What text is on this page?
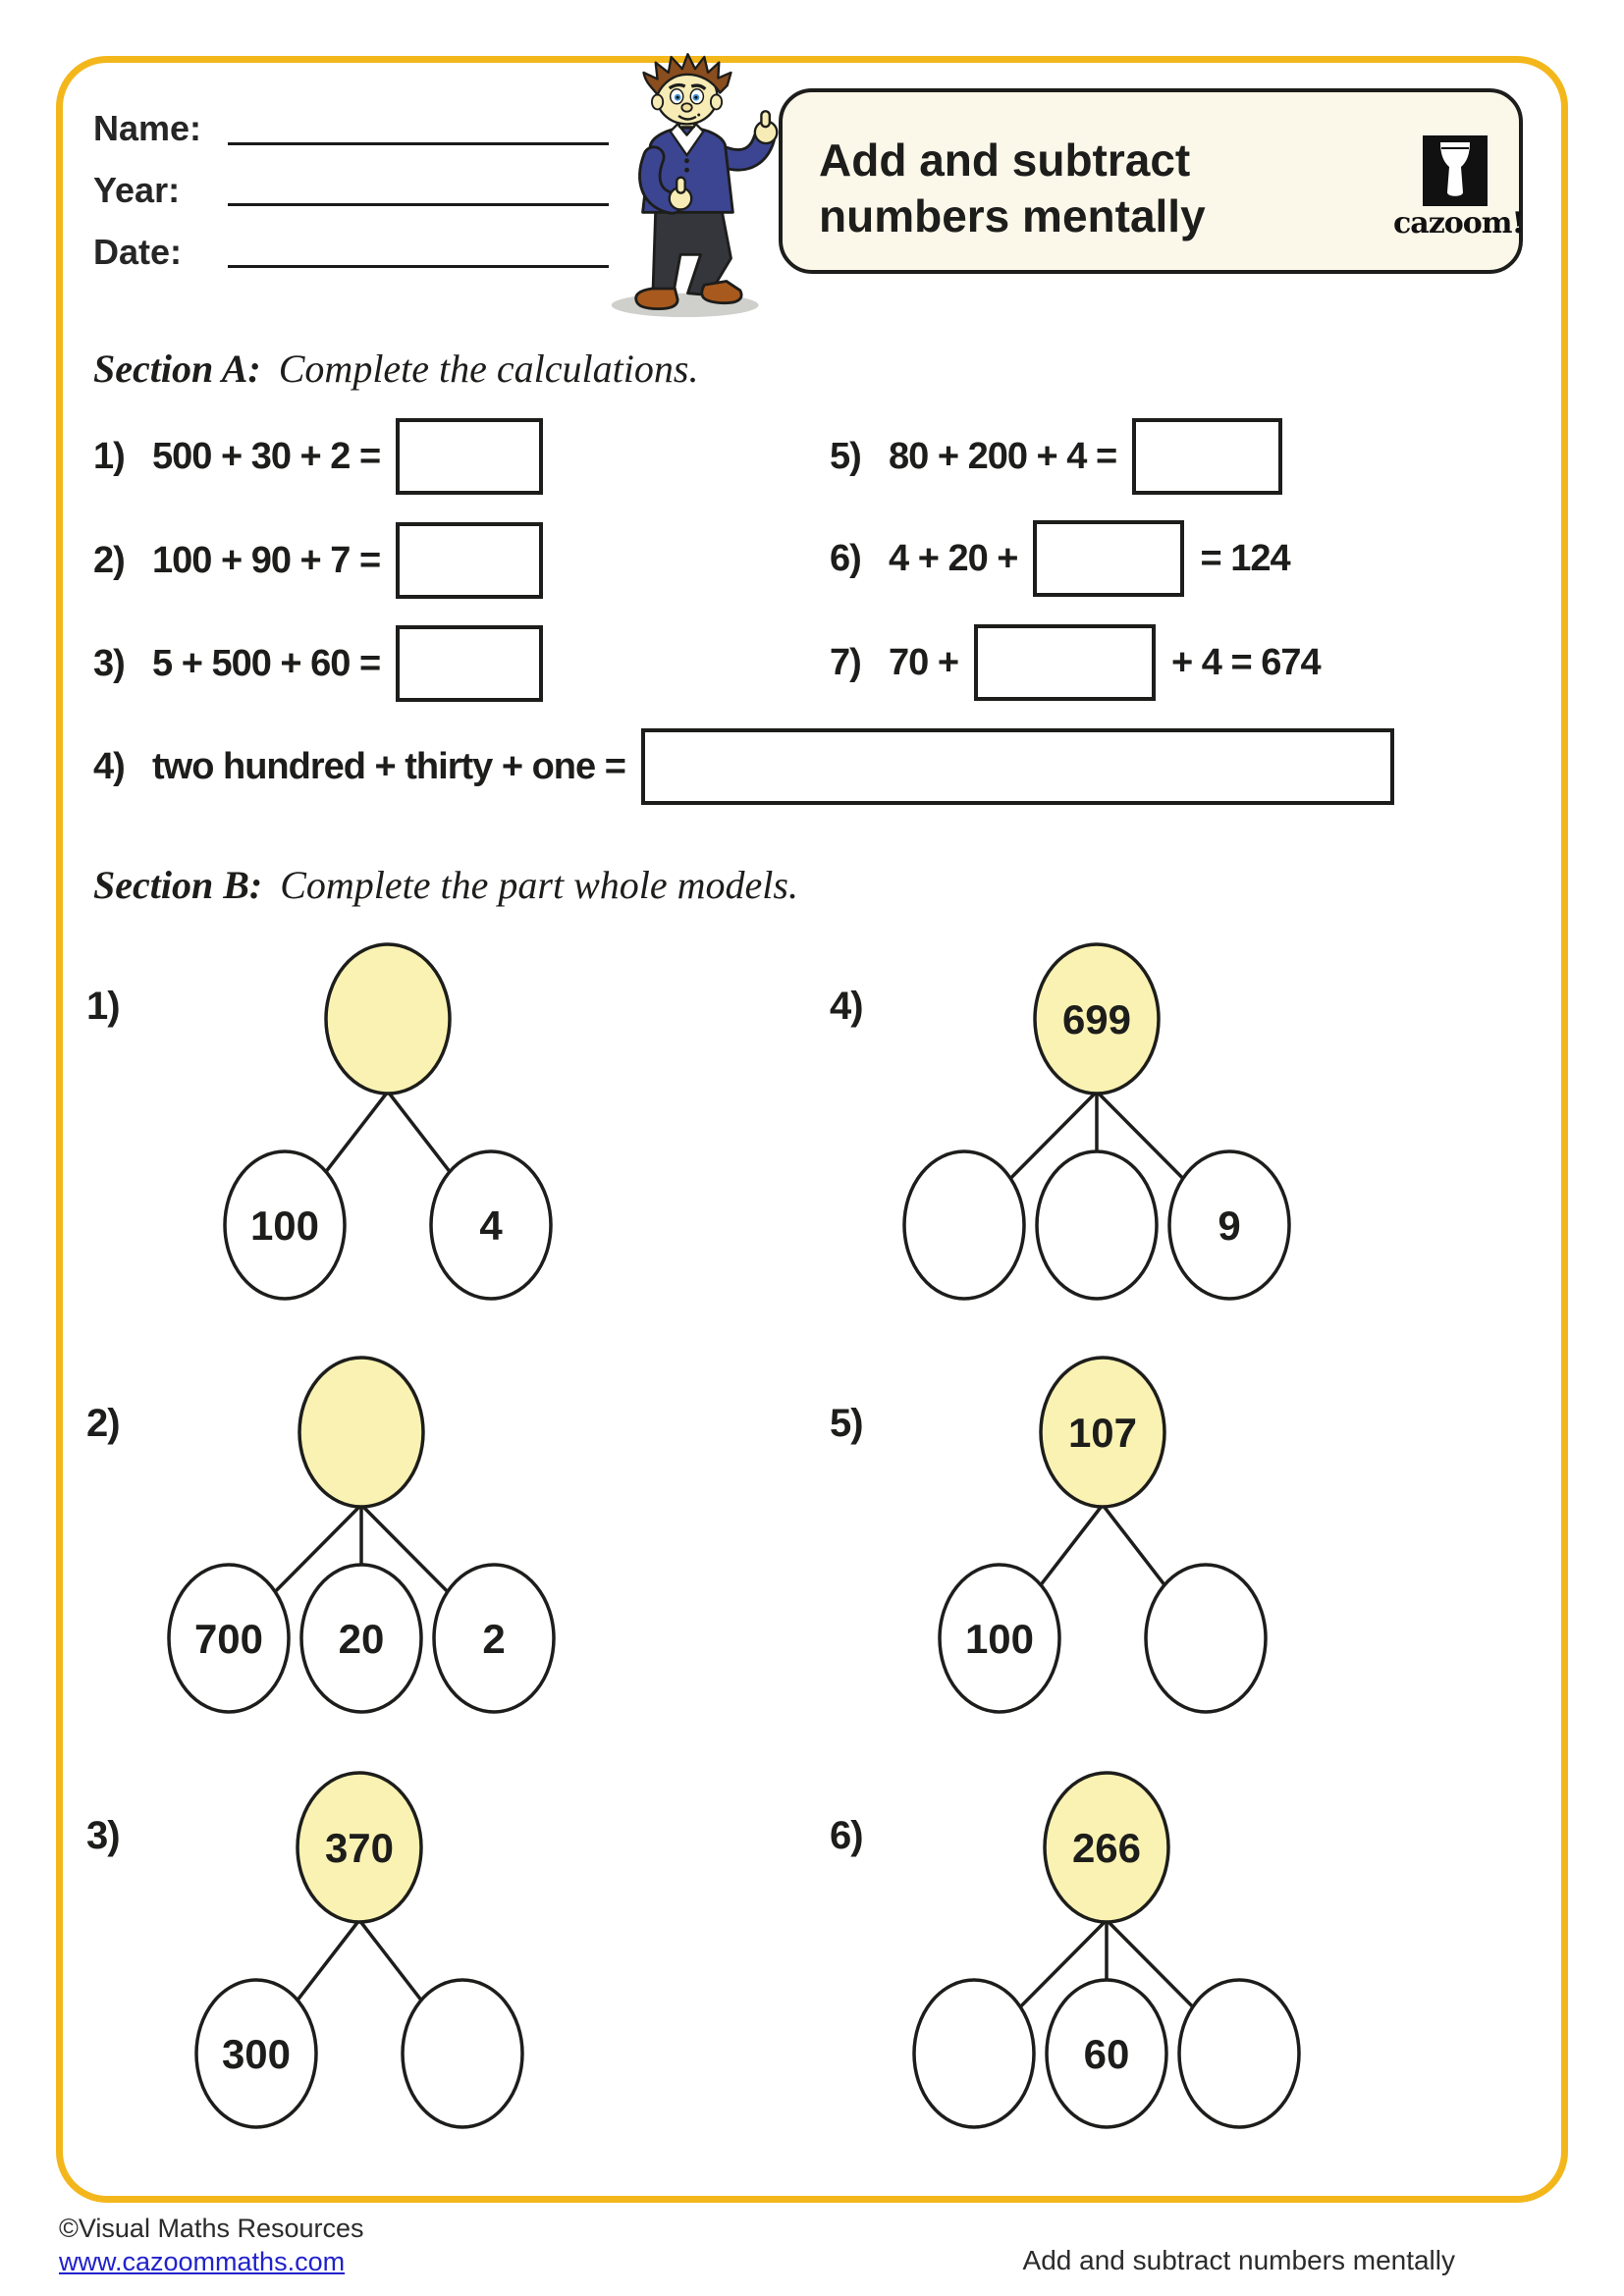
Name:
Year:
Date:
Add and subtract
numbers mentally	cazoom!
Section A: Complete the calculations.
1) 500 + 30 + 2 =
2) 100 + 90 + 7 =
3) 5 + 500 + 60 =
4) two hundred + thirty + one =
5) 80 + 200 + 4 =
6) 4 + 20 +	= 124
7) 70 +	+ 4 = 674
Section B: Complete the part whole models.
1)
100	4
2)
700 20 2
3)	370
300
4)	699
9
5)	107
100
6)	266
60
©Visual Maths Resources
www.cazoommaths.com	Add and subtract numbers mentally
